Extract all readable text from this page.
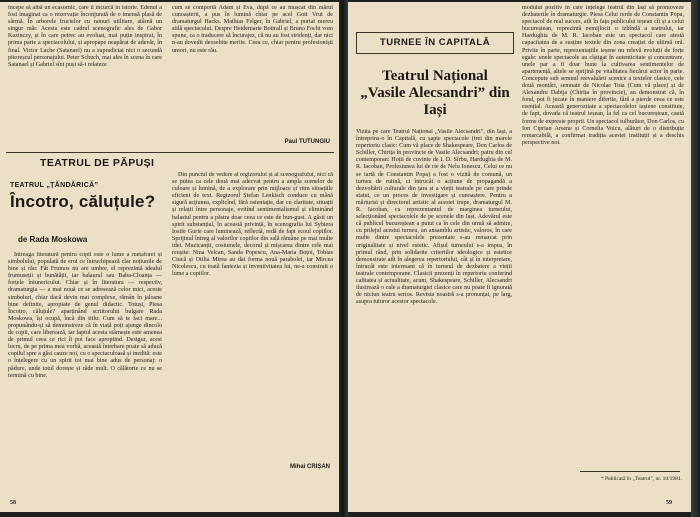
începe să aibă un ecasornic, care îl încurcă în istorie. Edenul a fost imaginat ca o rezervație înconjurată de o imensă plasă de sârmă. În arborele fructelor cu ramuri utilitare, atârnă un singur măr. Acesta este cadrul scenografic ales de Gabor Kazinczy, și în care petrec au evoluat, mai puțin inspirat, în prima parte a spectacolului, și apropape neapărat de adevăr, în final. Victor Lache (Satanael) nu a supradictat nici o secundă pitoreșcul personajului. Peter Schuch, mai ales în scena în care Satanael și Gabriel sînt puși să-i relateze

cum se comportă Adam și Eva, după ce au mușcat din mărul cunoașterii, a pus în lumină chiar pe acel Gott Vrut de dramaturgul Hacks. Mathias Felger, în Gabriel, a purtat mereu stilă spectacului. Despre Heidemarie Bottrall și Bruno Focht vom spune, ca o traducere să încurajez, că nu au fost stridenți, dar nici n-au dovedit deosebite merite. Ceea ce, chiar pentru profesioniști umori, nu este rău.

Paul TUTUNGIU
TEATRUL DE PĂPUȘI
TEATRUL „ȚĂNDĂRICĂ”
Încotro, căluțule?
de Rada Moskowa

Întreaga literatură pentru copii este o lume a metaforei și simbolului, populată de eroi ce întruchipează clar noțiunile de bine și rău: Făt Frumos nu are umbre, el reprezintă idealul frumuseții și bunătății, iar balaurul sau Baba-Cloanța — forțele întunericului. Chiar și în literatura — respectiv, dramaturgia — a mai nouă ce se adresează celor mici, aceste simboluri, chiar dacă devin mai complexe, rămân în jaloane bine definite, apropiate de genul didactic. Totuși, Piesa Încotro, căluțule? aparținând scriitorului bulgare Rada Moskowa, își ocupă, încă din titlu: Cum să te faci mare... propunându-și să demonstreze că în viață poți ajunge dincolo de copii, care liberează, iar faptul acesta stârnește este amenea de primul ceea ce rici îi pot face apropiind. Desigur, acest lucru, de pe prima mea vorbă, această întrebare poate să aducă copilul spre a găsi cauze noi, cu o spectaculoasă și inedită: este o înțelegere cu un spirit tot mai bine adus de personaj: o pădure, unde totul dorește și râde mult. O călătorie ce nu se termină cu bine.

Din punctul de vedere al regizorului și al scenografului, nici că se putea ca cele două mai adecvat pentru a ampla scenelor de culoare și lumină, de a explorare prin mijloace și ritm situațiile eficient de text. Regizorul Ștefan Lenkisch conduce cu mână sigură acțiunea, explicînd, fără ostentație, dar cu claritate, situații și relații între personaje, evitînd sentimentalismul și eliminând balastul pentru a păstra doar ceea ce este de bun-gust. A găsit un spirit substanțial, în această privință, în scenografia lui Sybiera Iosife Gurie care luminează, reflectă, redă de fapt ecoul copiilor. Sprijinul întreg al valorilor copiilor din sală rămâne pe mai multe idei. Muzicanții, costumele, decorul și mișcarea dintre cele mai reușite: Nina Velcan, Sanda Popescu, Ana-Maria Boțoi, Tobias Ciucă și Otilia Mirea au dat forma nouă parabolei, iar Mircea Nicolescu, cu toată fantezia și inventivitatea lui, ne-a construit o lume a copiilor.

Mihai CRIȘAN
58
TURNEE ÎN CAPITALĂ
Teatrul Național „Vasile Alecsandri” din Iași

Vizita pe care Teatrul Național „Vasile Alecsandri”, din Iași, a întreprins-o în Capitală, cu șapte spectacole (trei din marele repertoriu clasic: Cum vă place de Shakespeare, Don Carlos de Schiller, Chirița în provincie de Vasile Alecsandri; patru din cel contemporan: Hoții de cuvinte de I. D. Sîrbu, Hardughia de M. R. Iacoban, Profesiunea lui de rie de Nelu Ionescu, Celui ce nu se iartă de Constantin Popa) a fost o vizită de comună, un turneu de rutină, ci întrucât o acțiune de propagandă a dezvoltării culturale din țara și a vieții teatrale pe care prinde statut, ce un proces de investigare și cunoaștere. Pentru a mărturisi și directorul artistic al acestei trupe, dramaturgul M. R. Iacoban, ca reprezentantul de marginea turneului, selecționând spectacolele de pe scenele din Iași. Adevărul este că publicul bucureștean a putut ca în cele din urmă să admire, cu prilejul acestui turneu, un ansamblu artistic, valoros, în care multe dintre spectacolele prezentate s-au remarcat prin originalitate și nivel estetic. Afișul turneului s-a impus, în primul rând, prin solidarite criteriilor ideologice și estetice demonstrate atît în alegerea repertoriului, cât și în interpretare, întrucât este interesant că în turneul de dezbatere a vieții teatrale contemporane. Clasicii prezenți în repertoriu conferind calitatea și actualitate, acum, Shakespeare, Schiller, Alecsandri ilustrează o cale a dramaturgiei clasice care nu poate fi ignorată de niciun teatru serios. Revista noastră s-a pronunțat, pe larg, asupra tuturor acestor spectacole.

modului pozitiv în care ințelege teatrul din Iași să promoveze dezbaterile în dramaturgie. Piesa Celui rerde de Constantin Popa, spectacol de real succes, atît în fața publicului ieșean cît și a celui bucureștean, reprezintă nemijlocit o izbîndă a teatrului, iar Hardughia de M. R. Iacoban este un spectacol care atestă capacitatea de a susține textele din zona creației de ultimă oră. Privite în parte, reprezentațiile ieșene nu relevă evoluții de forțe egale: unele spectacole au cîștigat în autenticitate și concentrare, unele par a fi doar bune la cultivarea sentimentelor de apartenență, altele se sprijină pe vitalitatea fiecărui actor în parte. Concepute sub semnul reevaluării scenice a textelor clasice, cele două montări, semnate de Nicolae Toia (Cum vă place) și de Alexandru Dabija (Chirița în provincie), au demonstrat că, în fond, pot fi jucate în maniere diferite, fără a pierde ceea ce este esențial. Această generozitate a spectacolelor iașiene constituie, de fapt, dovada că teatrul ieșean, la fel ca cel bucureștean, caută forme de expresie proprii. Un spectacol tulburător, Don Carlos, cu Ion Ciprian Arsene și Cornelia Voicu, alături de o distribuție remarcabilă, a confirmat tradiția acestei instituții și a deschis perspective noi.

* Publicată în „Teatrul”, nr. 10/1981.
59
